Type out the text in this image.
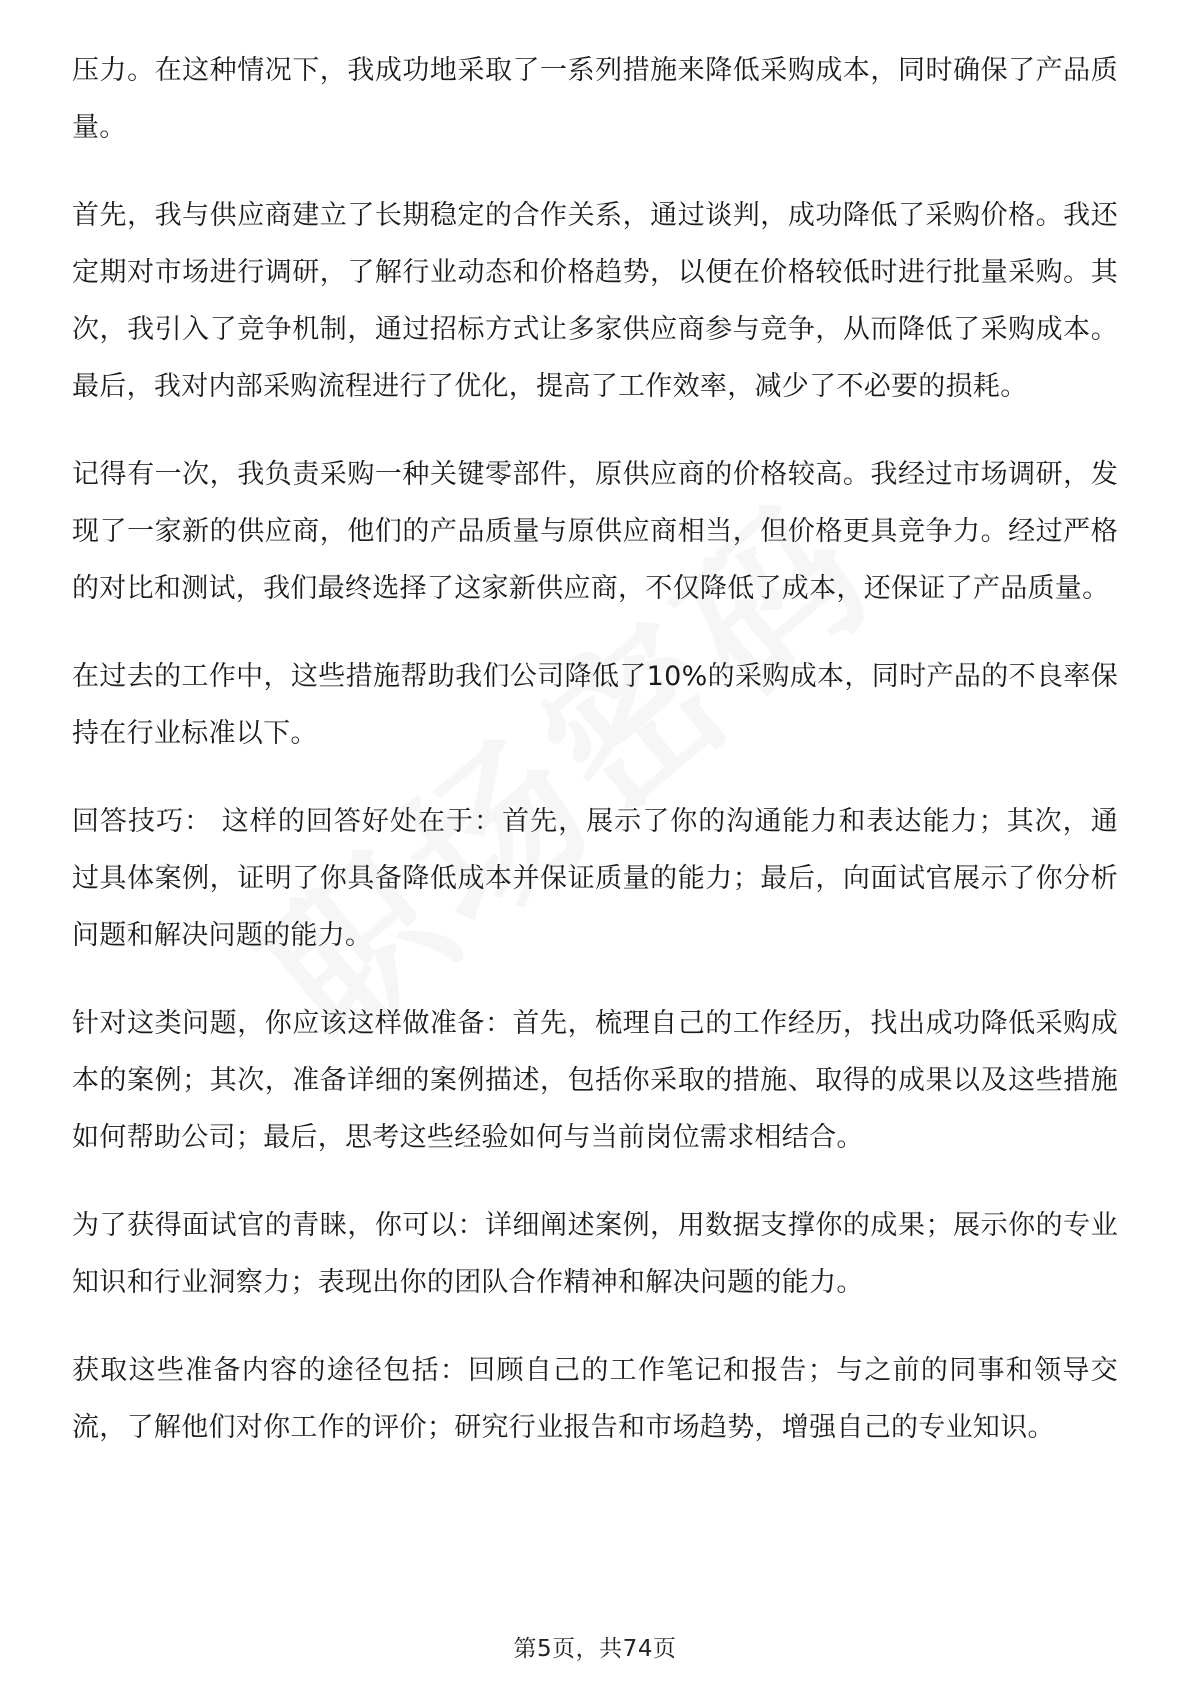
压力。在这种情况下，我成功地采取了一系列措施来降低采购成本，同时确保了产品质量。

首先，我与供应商建立了长期稳定的合作关系，通过谈判，成功降低了采购价格。我还定期对市场进行调研，了解行业动态和价格趋势，以便在价格较低时进行批量采购。其次，我引入了竞争机制，通过招标方式让多家供应商参与竞争，从而降低了采购成本。最后，我对内部采购流程进行了优化，提高了工作效率，减少了不必要的损耗。

记得有一次，我负责采购一种关键零部件，原供应商的价格较高。我经过市场调研，发现了一家新的供应商，他们的产品质量与原供应商相当，但价格更具竞争力。经过严格的对比和测试，我们最终选择了这家新供应商，不仅降低了成本，还保证了产品质量。

在过去的工作中，这些措施帮助我们公司降低了10%的采购成本，同时产品的不良率保持在行业标准以下。

回答技巧： 这样的回答好处在于：首先，展示了你的沟通能力和表达能力；其次，通过具体案例，证明了你具备降低成本并保证质量的能力；最后，向面试官展示了你分析问题和解决问题的能力。

针对这类问题，你应该这样做准备：首先，梳理自己的工作经历，找出成功降低采购成本的案例；其次，准备详细的案例描述，包括你采取的措施、取得的成果以及这些措施如何帮助公司；最后，思考这些经验如何与当前岗位需求相结合。

为了获得面试官的青睐，你可以：详细阐述案例，用数据支撑你的成果；展示你的专业知识和行业洞察力；表现出你的团队合作精神和解决问题的能力。

获取这些准备内容的途径包括：回顾自己的工作笔记和报告；与之前的同事和领导交流，了解他们对你工作的评价；研究行业报告和市场趋势，增强自己的专业知识。

第5页，共74页
